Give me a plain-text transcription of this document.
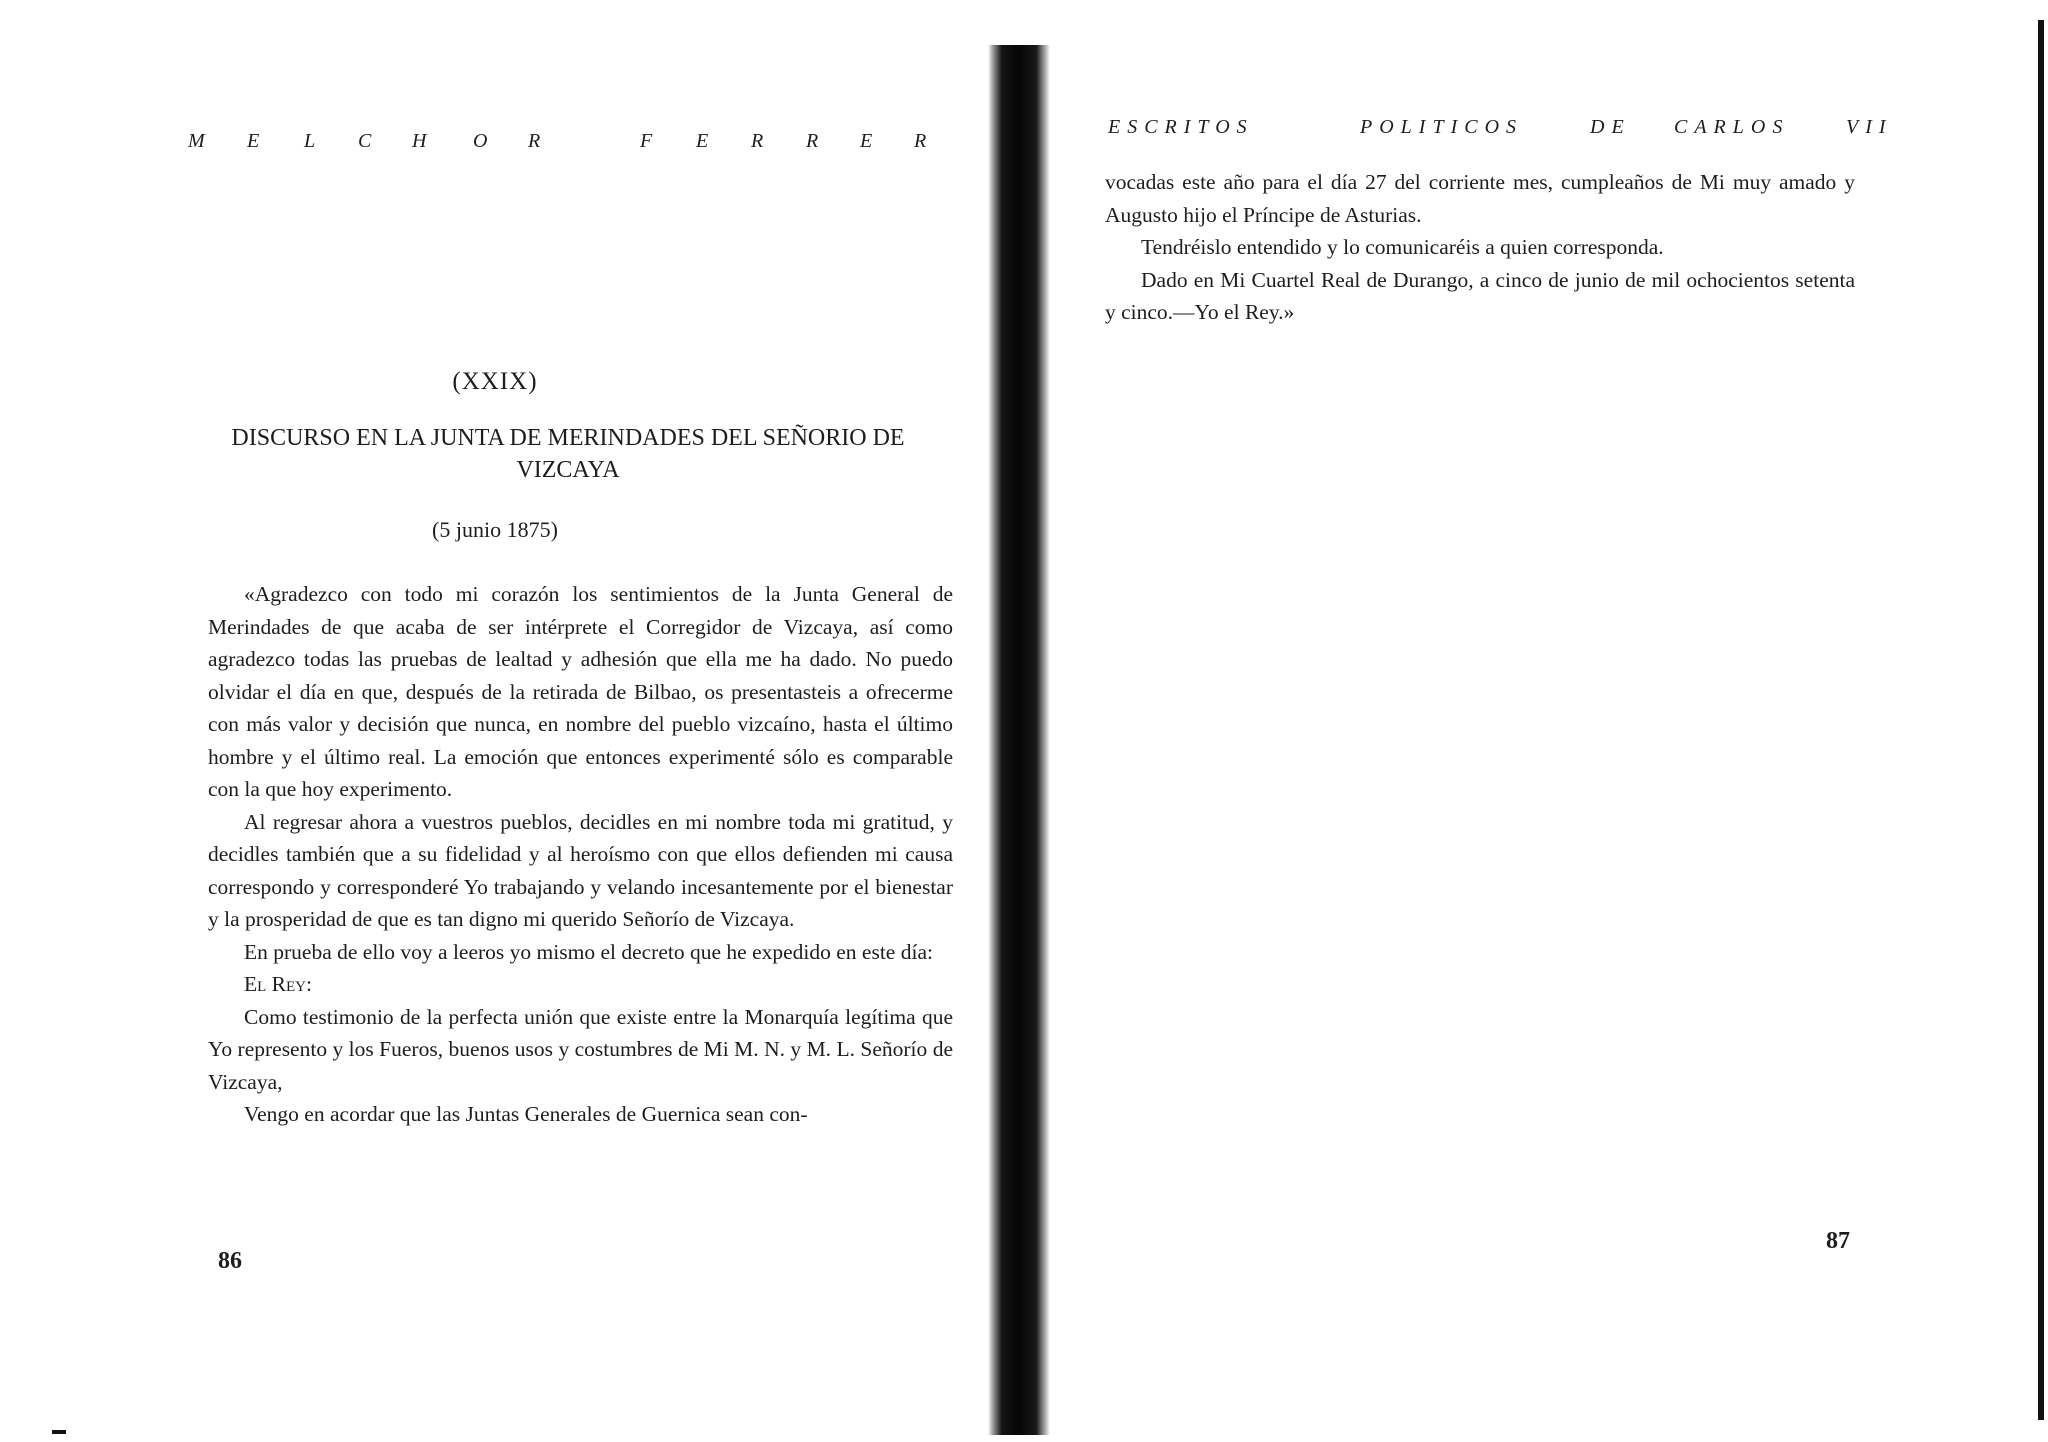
M E L C H O R	F E R R E R
(XXIX)
DISCURSO EN LA JUNTA DE MERINDADES DEL SEÑORIO DE
VIZCAYA
(5 junio 1875)

«Agradezco con todo mi corazón los sentimientos de la Junta General de Merindades de que acaba de ser intérprete el Corregidor de Vizcaya, así como agradezco todas las pruebas de lealtad y adhesión que ella me ha dado. No puedo olvidar el día en que, después de la retirada de Bilbao, os presentasteis a ofrecerme con más valor y decisión que nunca, en nombre del pueblo vizcaíno, hasta el último hombre y el último real. La emoción que entonces experimenté sólo es comparable con la que hoy experimento.

Al regresar ahora a vuestros pueblos, decidles en mi nombre toda mi gratitud, y decidles también que a su fidelidad y al heroísmo con que ellos defienden mi causa correspondo y corresponderé Yo trabajando y velando incesantemente por el bienestar y la prosperidad de que es tan digno mi querido Señorío de Vizcaya.

En prueba de ello voy a leeros yo mismo el decreto que he expedido en este día:

El Rey:

Como testimonio de la perfecta unión que existe entre la Monarquía legítima que Yo represento y los Fueros, buenos usos y costumbres de Mi M. N. y M. L. Señorío de Vizcaya,

Vengo en acordar que las Juntas Generales de Guernica sean con-

86
ESCRITOS	POLITICOS	DE CARLOS	VII
87

vocadas este año para el día 27 del corriente mes, cumpleaños de Mi muy amado y Augusto hijo el Príncipe de Asturias.

Tendréislo entendido y lo comunicaréis a quien corresponda.

Dado en Mi Cuartel Real de Durango, a cinco de junio de mil ochocientos setenta y cinco.—Yo el Rey.»
